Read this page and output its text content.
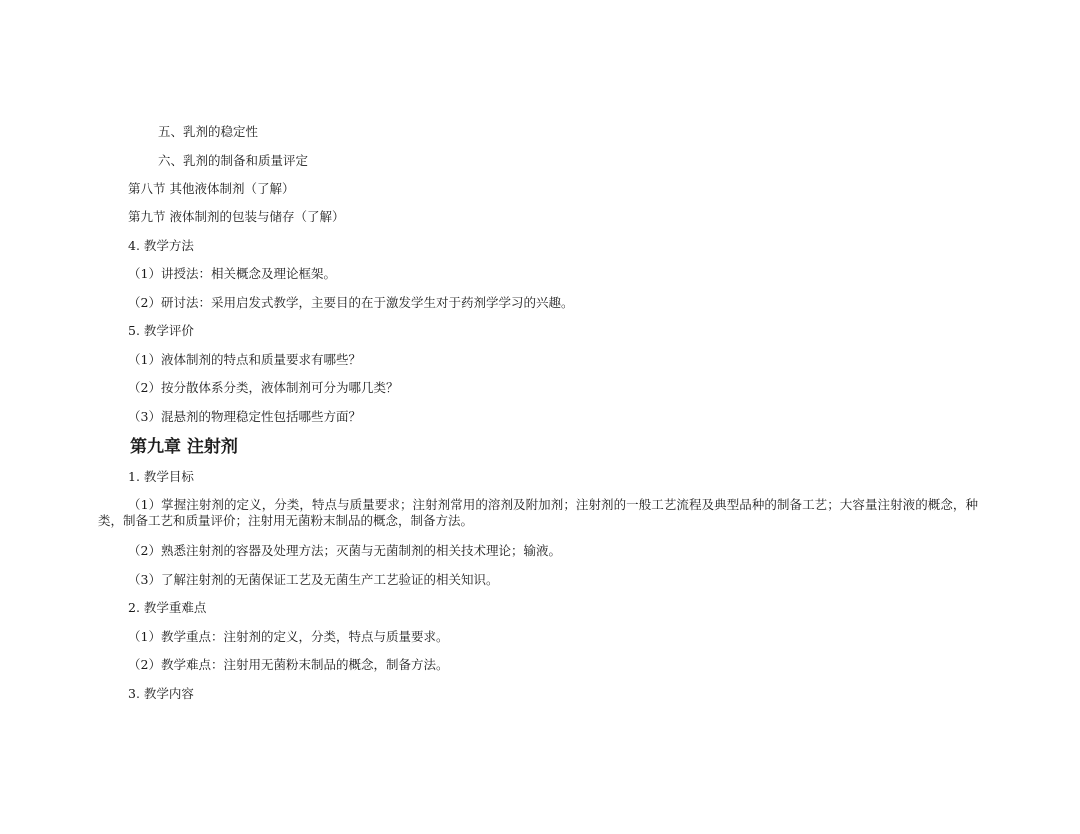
五、乳剂的稳定性
六、乳剂的制备和质量评定
第八节 其他液体制剂（了解）
第九节 液体制剂的包装与储存（了解）
4. 教学方法
（1）讲授法：相关概念及理论框架。
（2）研讨法：采用启发式教学，主要目的在于激发学生对于药剂学学习的兴趣。
5. 教学评价
（1）液体制剂的特点和质量要求有哪些？
（2）按分散体系分类，液体制剂可分为哪几类？
（3）混悬剂的物理稳定性包括哪些方面？
第九章 注射剂
1. 教学目标
（1）掌握注射剂的定义，分类，特点与质量要求；注射剂常用的溶剂及附加剂；注射剂的一般工艺流程及典型品种的制备工艺；大容量注射液的概念，种类，制备工艺和质量评价；注射用无菌粉末制品的概念，制备方法。
（2）熟悉注射剂的容器及处理方法；灭菌与无菌制剂的相关技术理论；输液。
（3）了解注射剂的无菌保证工艺及无菌生产工艺验证的相关知识。
2. 教学重难点
（1）教学重点：注射剂的定义，分类，特点与质量要求。
（2）教学难点：注射用无菌粉末制品的概念，制备方法。
3. 教学内容
